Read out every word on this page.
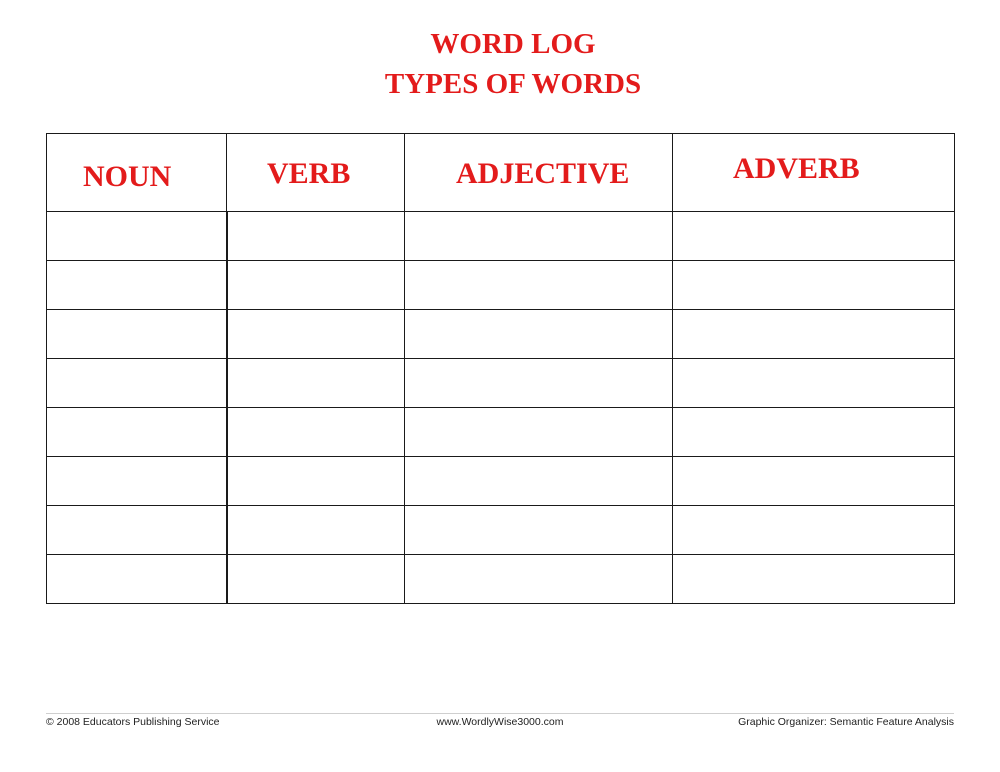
WORD LOG
TYPES OF WORDS
NOUN	VERB	ADJECTIVE	ADVERB

© 2008 Educators Publishing Service	www.WordlyWise3000.com	Graphic Organizer: Semantic Feature Analysis
